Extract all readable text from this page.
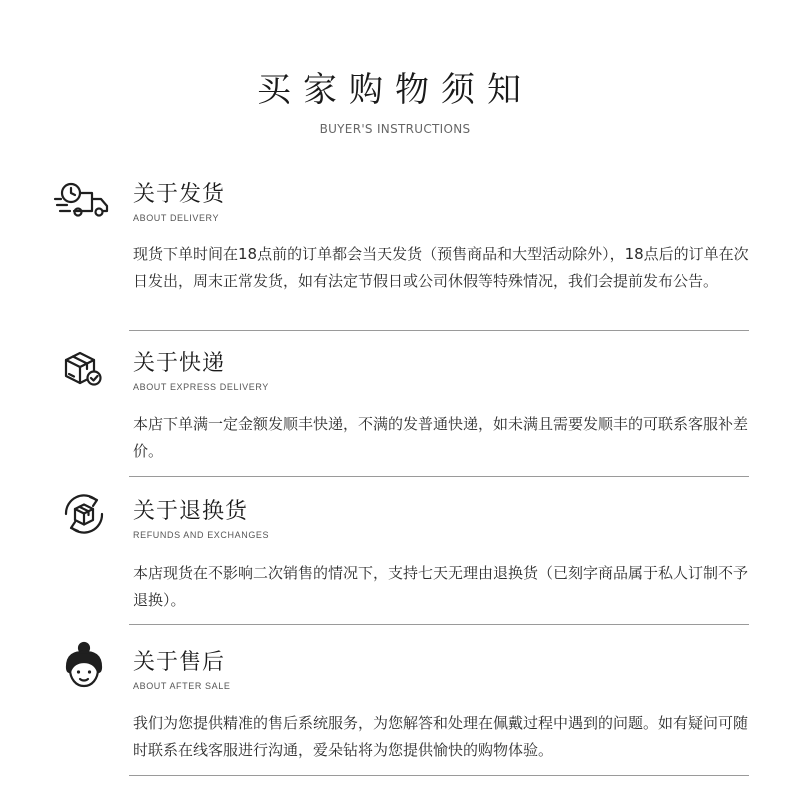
买家购物须知
BUYER'S INSTRUCTIONS
关于发货
ABOUT DELIVERY
现货下单时间在18点前的订单都会当天发货（预售商品和大型活动除外），18点后的订单在次日发出，周末正常发货，如有法定节假日或公司休假等特殊情况，我们会提前发布公告。
关于快递
ABOUT EXPRESS DELIVERY
本店下单满一定金额发顺丰快递，不满的发普通快递，如未满且需要发顺丰的可联系客服补差价。
关于退换货
REFUNDS AND EXCHANGES
本店现货在不影响二次销售的情况下，支持七天无理由退换货（已刻字商品属于私人订制不予退换）。
关于售后
ABOUT AFTER SALE
我们为您提供精准的售后系统服务，为您解答和处理在佩戴过程中遇到的问题。如有疑问可随时联系在线客服进行沟通，爱朵钻将为您提供愉快的购物体验。
